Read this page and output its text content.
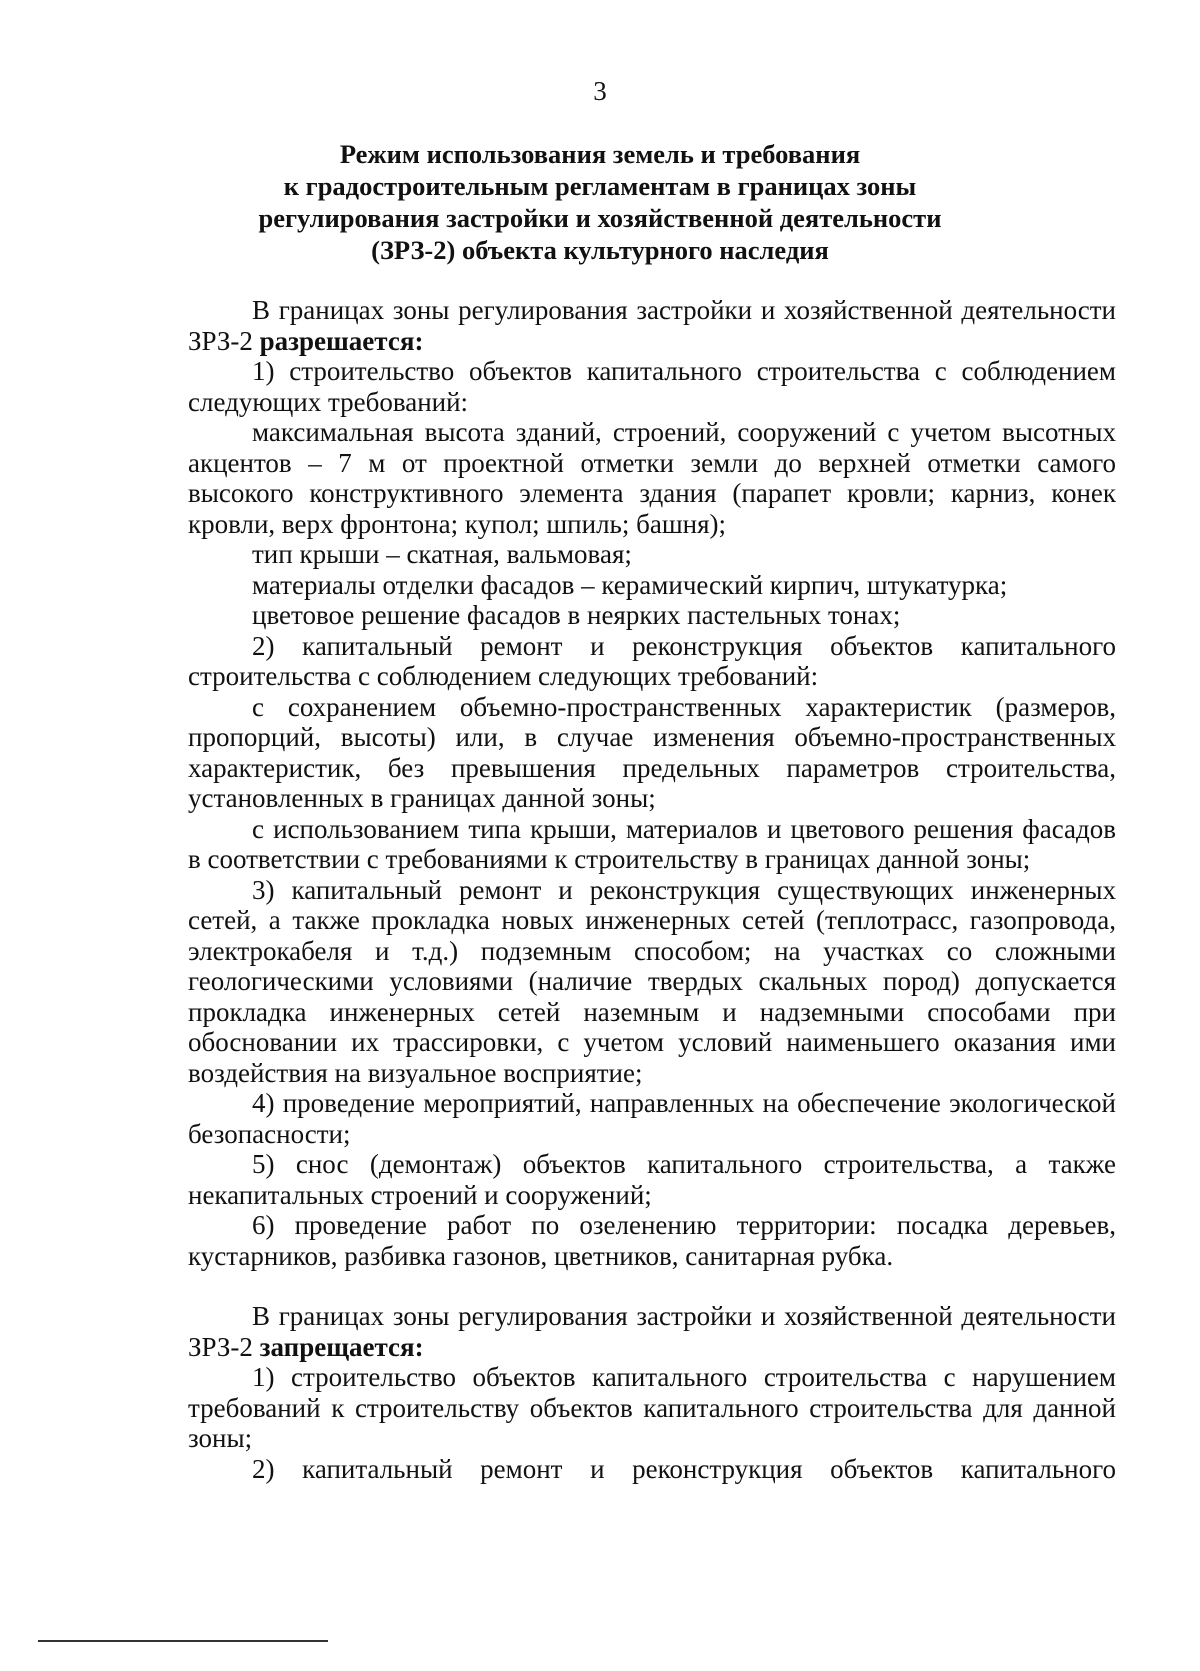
3
Режим использования земель и требования
к градостроительным регламентам в границах зоны
регулирования застройки и хозяйственной деятельности
(ЗРЗ-2) объекта культурного наследия

В границах зоны регулирования застройки и хозяйственной деятельности ЗРЗ-2 разрешается:

1) строительство объектов капитального строительства с соблюдением следующих требований:

максимальная высота зданий, строений, сооружений с учетом высотных акцентов – 7 м от проектной отметки земли до верхней отметки самого высокого конструктивного элемента здания (парапет кровли; карниз, конек кровли, верх фронтона; купол; шпиль; башня);

тип крыши – скатная, вальмовая;

материалы отделки фасадов – керамический кирпич, штукатурка;

цветовое решение фасадов в неярких пастельных тонах;

2) капитальный ремонт и реконструкция объектов капитального строительства с соблюдением следующих требований:

с сохранением объемно-пространственных характеристик (размеров, пропорций, высоты) или, в случае изменения объемно-пространственных характеристик, без превышения предельных параметров строительства, установленных в границах данной зоны;

с использованием типа крыши, материалов и цветового решения фасадов в соответствии с требованиями к строительству в границах данной зоны;

3) капитальный ремонт и реконструкция существующих инженерных сетей, а также прокладка новых инженерных сетей (теплотрасс, газопровода, электрокабеля и т.д.) подземным способом; на участках со сложными геологическими условиями (наличие твердых скальных пород) допускается прокладка инженерных сетей наземным и надземными способами при обосновании их трассировки, с учетом условий наименьшего оказания ими воздействия на визуальное восприятие;

4) проведение мероприятий, направленных на обеспечение экологической безопасности;

5) снос (демонтаж) объектов капитального строительства, а также некапитальных строений и сооружений;

6) проведение работ по озеленению территории: посадка деревьев, кустарников, разбивка газонов, цветников, санитарная рубка.

В границах зоны регулирования застройки и хозяйственной деятельности ЗРЗ-2 запрещается:

1) строительство объектов капитального строительства с нарушением требований к строительству объектов капитального строительства для данной зоны;

2) капитальный ремонт и реконструкция объектов капитального
